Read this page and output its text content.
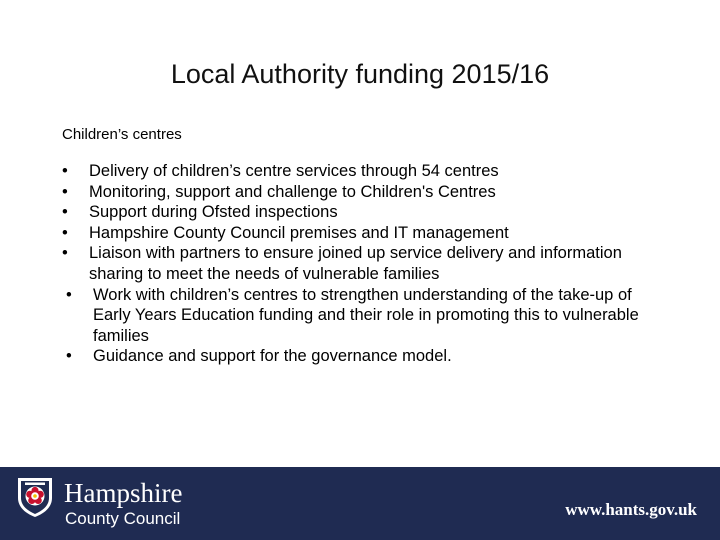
Local Authority funding 2015/16
Children’s centres
• Delivery of children’s centre services through 54 centres
• Monitoring, support and challenge to Children's Centres
• Support during Ofsted inspections
• Hampshire County Council premises and IT management
• Liaison with partners to ensure joined up service delivery and information sharing to meet the needs of vulnerable families
• Work with children’s centres to strengthen understanding of the take-up of Early Years Education funding and their role in promoting this to vulnerable families
• Guidance and support for the governance model.
Hampshire
County Council	www.hants.gov.uk
